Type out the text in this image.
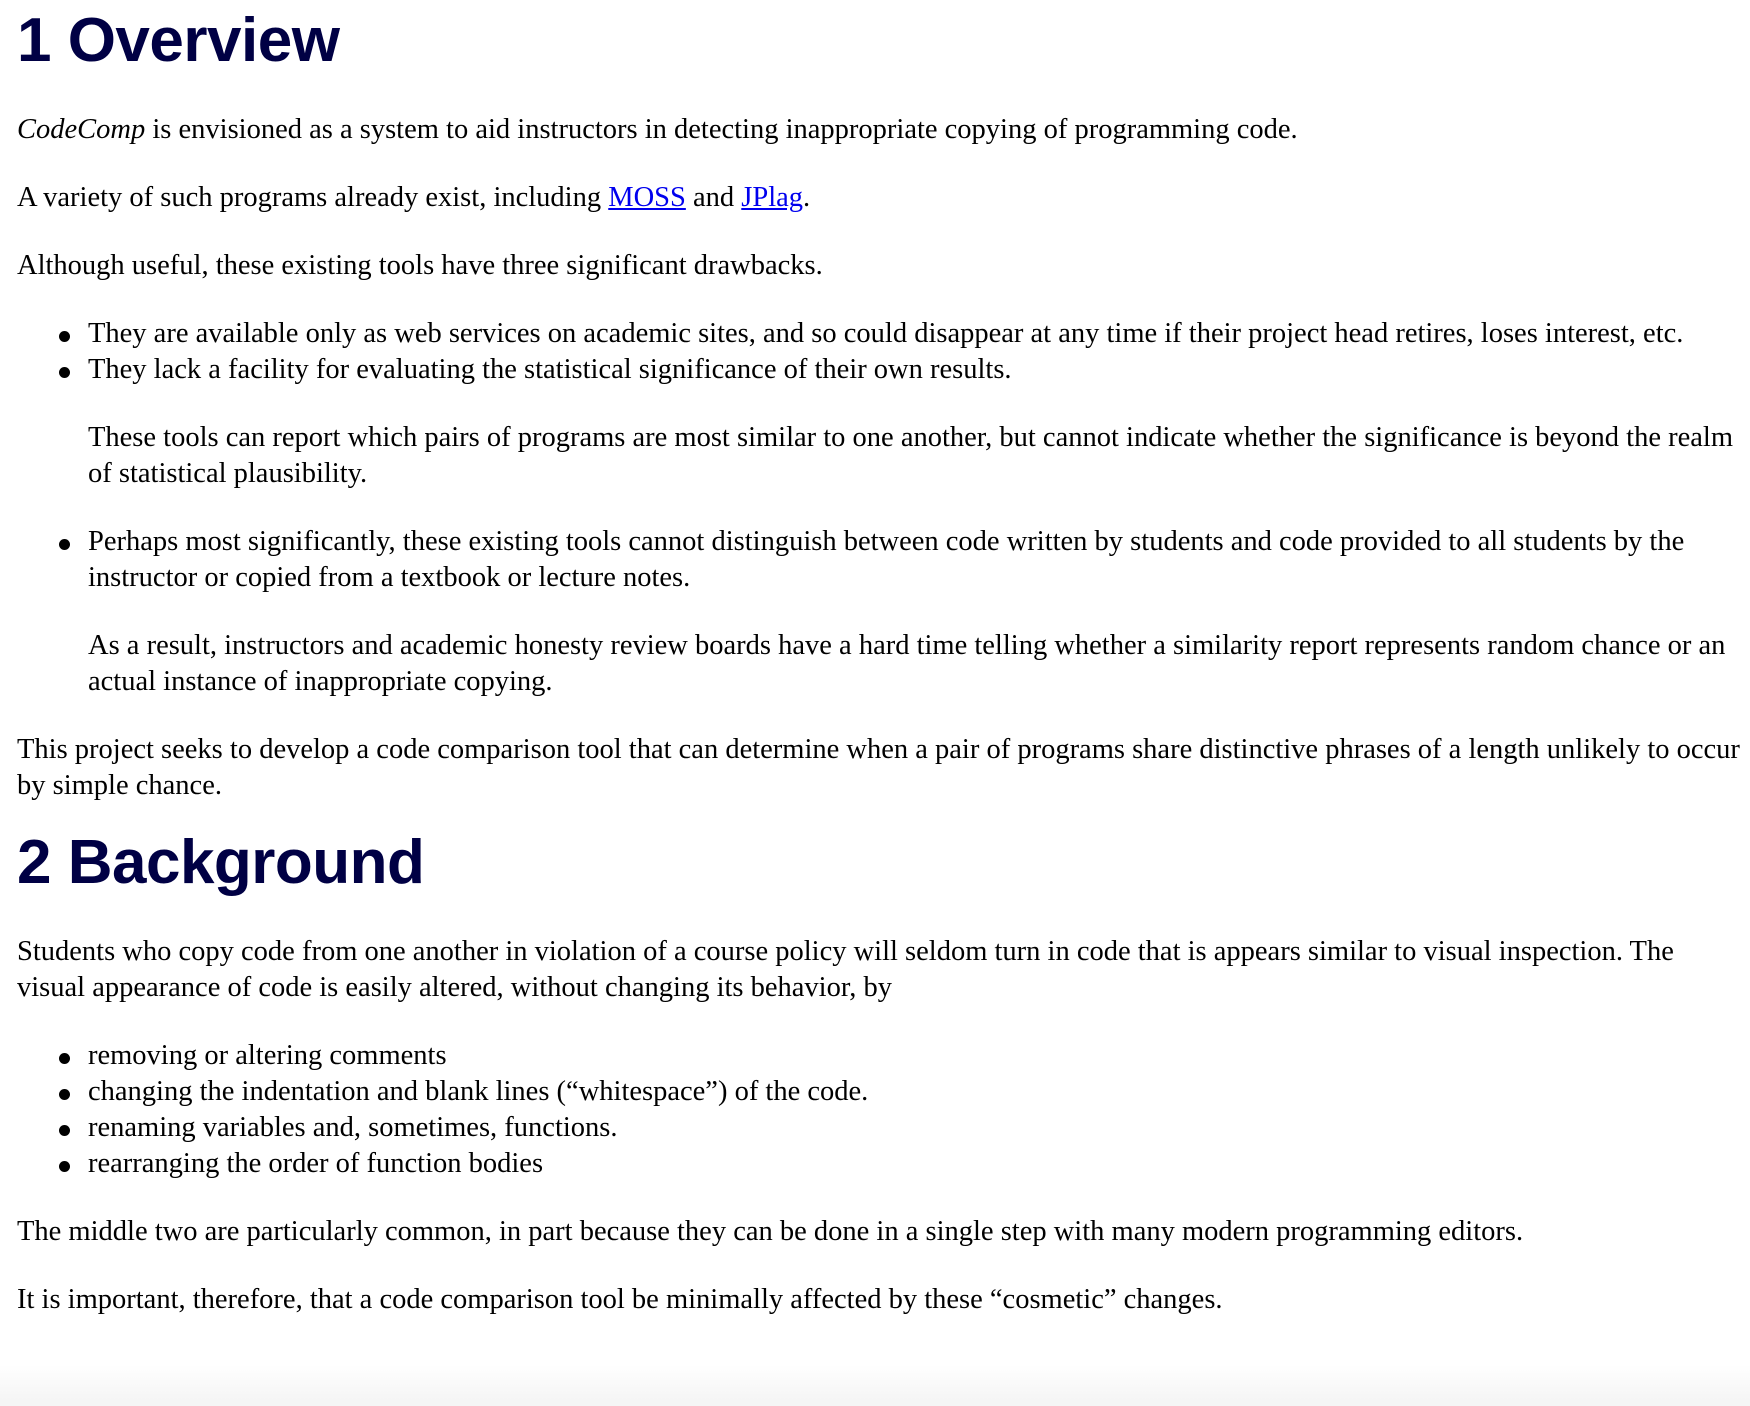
1 Overview

CodeComp is envisioned as a system to aid instructors in detecting inappropriate copying of programming code.

A variety of such programs already exist, including MOSS and JPlag.

Although useful, these existing tools have three significant drawbacks.

They are available only as web services on academic sites, and so could disappear at any time if their project head retires, loses interest, etc.
They lack a facility for evaluating the statistical significance of their own results.
These tools can report which pairs of programs are most similar to one another, but cannot indicate whether the significance is beyond the realm of statistical plausibility.
Perhaps most significantly, these existing tools cannot distinguish between code written by students and code provided to all students by the instructor or copied from a textbook or lecture notes.
As a result, instructors and academic honesty review boards have a hard time telling whether a similarity report represents random chance or an actual instance of inappropriate copying.

This project seeks to develop a code comparison tool that can determine when a pair of programs share distinctive phrases of a length unlikely to occur by simple chance.

2 Background

Students who copy code from one another in violation of a course policy will seldom turn in code that is appears similar to visual inspection. The visual appearance of code is easily altered, without changing its behavior, by

removing or altering comments
changing the indentation and blank lines (“whitespace”) of the code.
renaming variables and, sometimes, functions.
rearranging the order of function bodies

The middle two are particularly common, in part because they can be done in a single step with many modern programming editors.

It is important, therefore, that a code comparison tool be minimally affected by these “cosmetic” changes.
